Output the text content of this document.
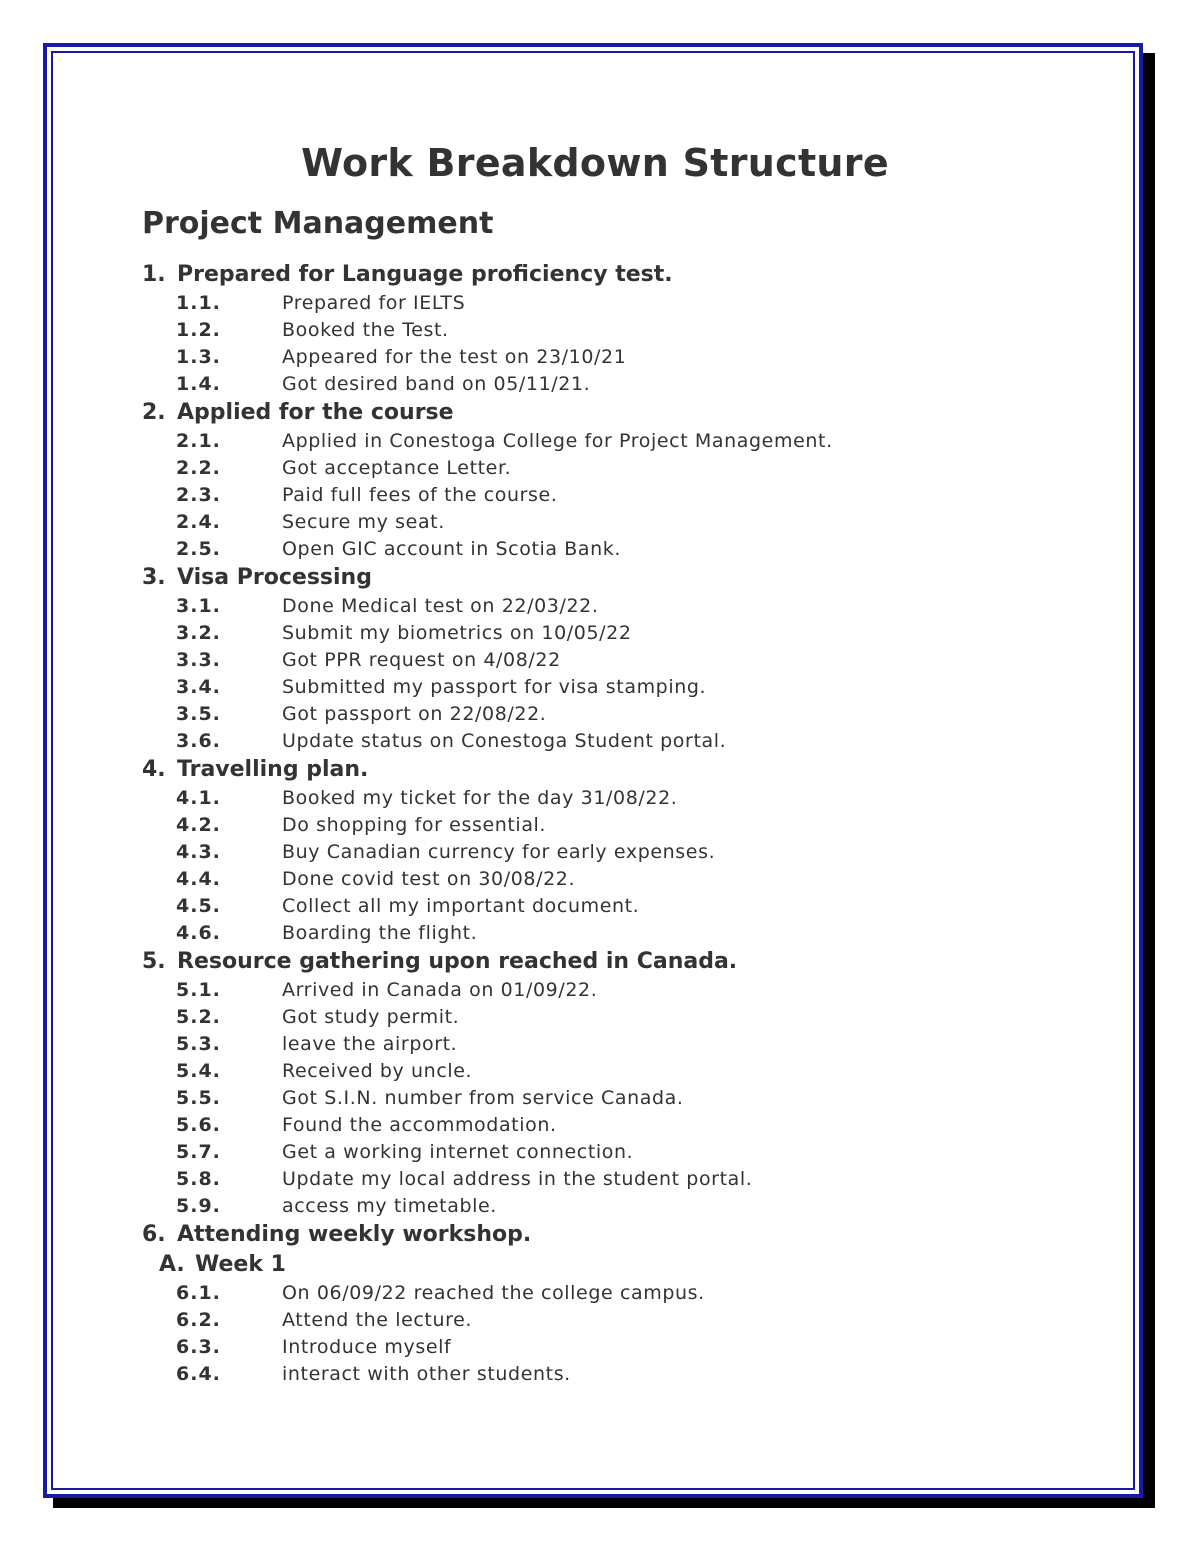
Work Breakdown Structure
Project Management
1. Prepared for Language proficiency test.
1.1.	Prepared for IELTS
1.2.	Booked the Test.
1.3.	Appeared for the test on 23/10/21
1.4.	Got desired band on 05/11/21.
2. Applied for the course
2.1.	Applied in Conestoga College for Project Management.
2.2.	Got acceptance Letter.
2.3.	Paid full fees of the course.
2.4.	Secure my seat.
2.5.	Open GIC account in Scotia Bank.
3. Visa Processing
3.1.	Done Medical test on 22/03/22.
3.2.	Submit my biometrics on 10/05/22
3.3.	Got PPR request on 4/08/22
3.4.	Submitted my passport for visa stamping.
3.5.	Got passport on 22/08/22.
3.6.	Update status on Conestoga Student portal.
4. Travelling plan.
4.1.	Booked my ticket for the day 31/08/22.
4.2.	Do shopping for essential.
4.3.	Buy Canadian currency for early expenses.
4.4.	Done covid test on 30/08/22.
4.5.	Collect all my important document.
4.6.	Boarding the flight.
5. Resource gathering upon reached in Canada.
5.1.	Arrived in Canada on 01/09/22.
5.2.	Got study permit.
5.3.	leave the airport.
5.4.	Received by uncle.
5.5.	Got S.I.N. number from service Canada.
5.6.	Found the accommodation.
5.7.	Get a working internet connection.
5.8.	Update my local address in the student portal.
5.9.	access my timetable.
6. Attending weekly workshop.
A. Week 1
6.1.	On 06/09/22 reached the college campus.
6.2.	Attend the lecture.
6.3.	Introduce myself
6.4.	interact with other students.
